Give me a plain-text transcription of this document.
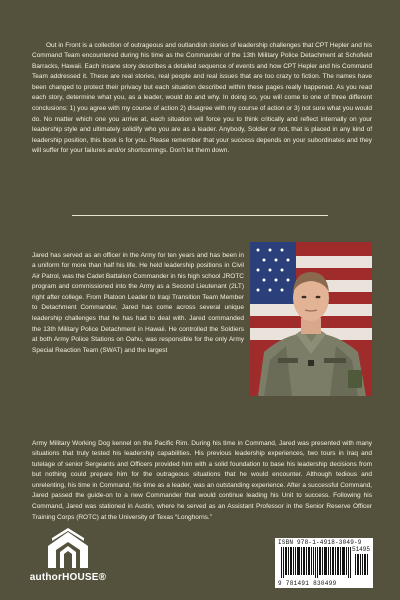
Out in Front is a collection of outrageous and outlandish stories of leadership challenges that CPT Hepler and his Command Team encountered during his time as the Commander of the 13th Military Police Detachment at Schofield Barracks, Hawaii. Each insane story describes a detailed sequence of events and how CPT Hepler and his Command Team addressed it. These are real stories, real people and real issues that are too crazy to fiction. The names have been changed to protect their privacy but each situation described within these pages really happened. As you read each story, determine what you, as a leader, would do and why. In doing so, you will come to one of three different conclusions: 1) you agree with my course of action 2) disagree with my course of action or 3) not sure what you would do. No matter which one you arrive at, each situation will force you to think critically and reflect internally on your leadership style and ultimately solidify who you are as a leader. Anybody, Soldier or not, that is placed in any kind of leadership position, this book is for you. Please remember that your success depends on your subordinates and they will suffer for your failures and/or shortcomings. Don’t let them down.

Jared has served as an officer in the Army for ten years and has been in a uniform for more than half his life. He held leadership positions in Civil Air Patrol, was the Cadet Battalion Commander in his high school JROTC program and commissioned into the Army as a Second Lieutenant (2LT) right after college. From Platoon Leader to Iraqi Transition Team Member to Detachment Commander, Jared has come across several unique leadership challenges that he has had to deal with. Jared commanded the 13th Military Police Detachment in Hawaii. He controlled the Soldiers at both Army Police Stations on Oahu, was responsible for the only Army Special Reaction Team (SWAT) and the largest

Army Military Working Dog kennel on the Pacific Rim. During his time in Command, Jared was presented with many situations that truly tested his leadership capabilities. His previous leadership experiences, two tours in Iraq and tutelage of senior Sergeants and Officers provided him with a solid foundation to base his leadership decisions from but nothing could prepare him for the outrageous situations that he would encounter. Although tedious and unrelenting, his time in Command, his time as a leader, was an outstanding experience. After a successful Command, Jared passed the guide-on to a new Commander that would continue leading his Unit to success. Following his Command, Jared was stationed in Austin, where he served as an Assistant Professor in the Senior Reserve Officer Training Corps (ROTC) at the University of Texas “Longhorns.”

authorHOUSE®
ISBN 978-1-4918-3049-9
51495
9 781491 830499
